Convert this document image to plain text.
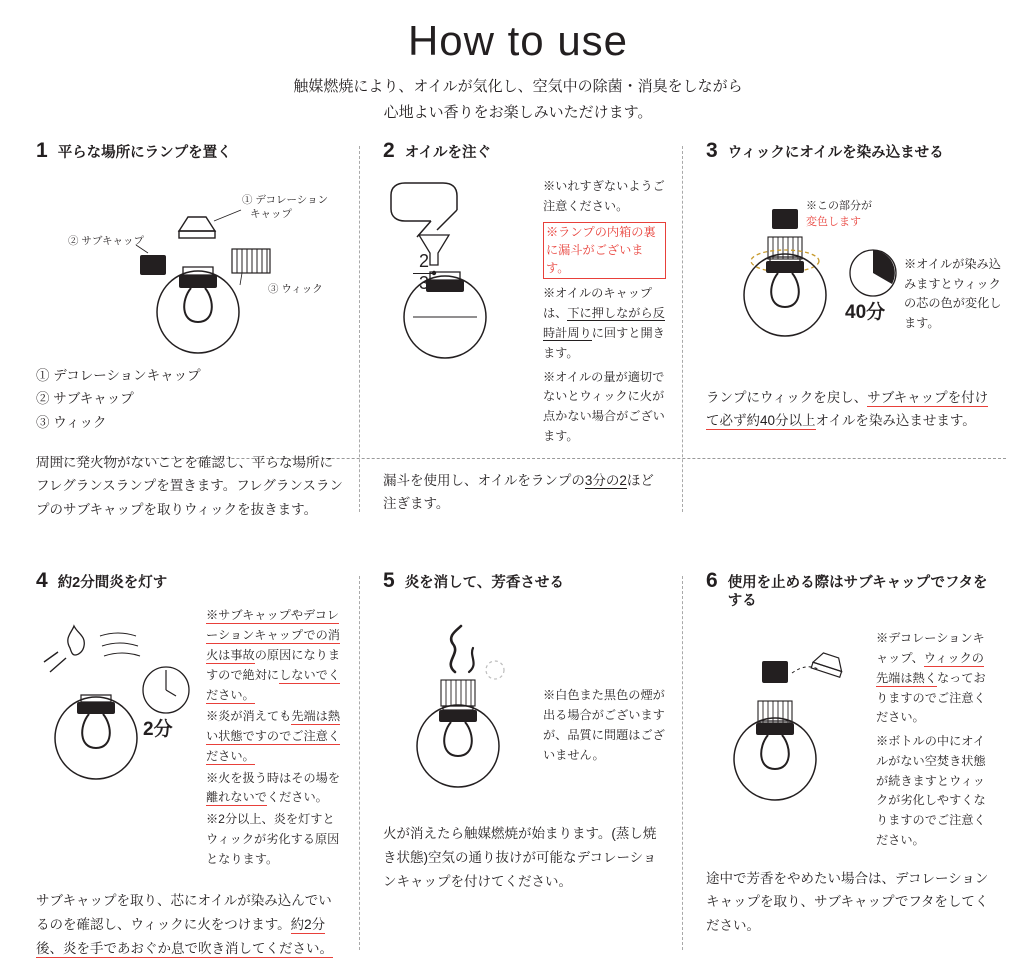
How to use
触媒燃焼により、オイルが気化し、空気中の除菌・消臭をしながら
心地よい香りをお楽しみいただけます。
1 平らな場所にランプを置く
① デコレーション
キャップ
② サブキャップ
③ ウィック
① デコレーションキャップ
② サブキャップ
③ ウィック
周囲に発火物がないことを確認し、平らな場所にフレグランスランプを置きます。フレグランスランプのサブキャップを取りウィックを抜きます。
2 オイルを注ぐ
2
3
※いれすぎないようご注意ください。
※ランプの内箱の裏に漏斗がございます。
※オイルのキャップは、下に押しながら反時計周りに回すと開きます。
※オイルの量が適切でないとウィックに火が点かない場合がございます。
漏斗を使用し、オイルをランプの3分の2ほど注ぎます。
3 ウィックにオイルを染み込ませる
※この部分が
変色します
40分
※オイルが染み込みますとウィックの芯の色が変化します。
ランプにウィックを戻し、サブキャップを付けて必ず約40分以上オイルを染み込ませます。
4 約2分間炎を灯す
2分
※サブキャップやデコレーションキャップでの消火は事故の原因になりますので絶対にしないでください。
※炎が消えても先端は熱い状態ですのでご注意ください。
※火を扱う時はその場を離れないでください。
※2分以上、炎を灯すとウィックが劣化する原因となります。
サブキャップを取り、芯にオイルが染み込んでいるのを確認し、ウィックに火をつけます。約2分後、炎を手であおぐか息で吹き消してください。
5 炎を消して、芳香させる
※白色また黒色の煙が出る場合がございますが、品質に問題はございません。
火が消えたら触媒燃焼が始まります。(蒸し焼き状態)空気の通り抜けが可能なデコレーションキャップを付けてください。
6 使用を止める際はサブキャップでフタをする
※デコレーションキャップ、ウィックの先端は熱くなっておりますのでご注意ください。
※ボトルの中にオイルがない空焚き状態が続きますとウィックが劣化しやすくなりますのでご注意ください。
途中で芳香をやめたい場合は、デコレーションキャップを取り、サブキャップでフタをしてください。
